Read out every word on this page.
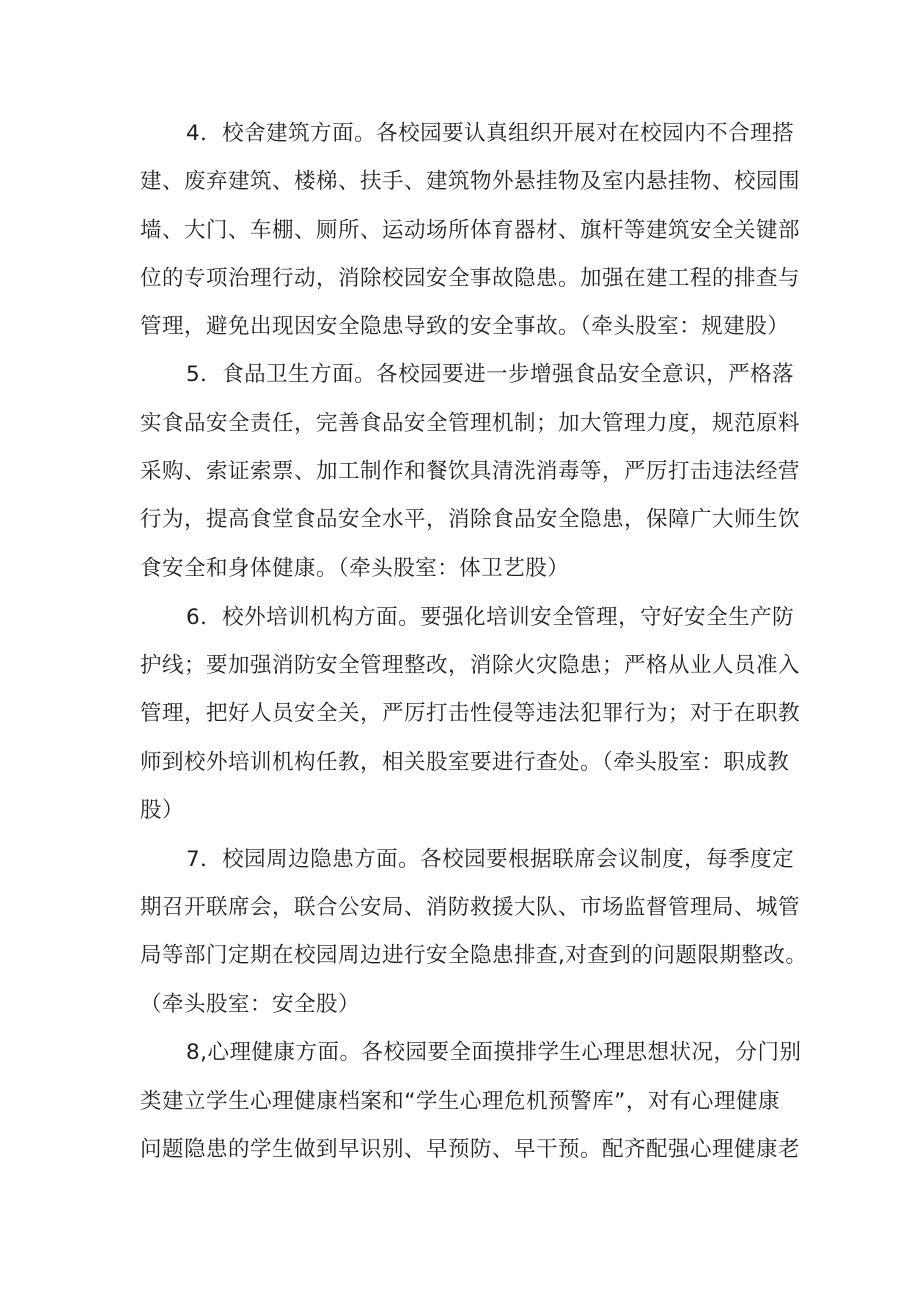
4．校舍建筑方面。各校园要认真组织开展对在校园内不合理搭
建、废弃建筑、楼梯、扶手、建筑物外悬挂物及室内悬挂物、校园围
墙、大门、车棚、厕所、运动场所体育器材、旗杆等建筑安全关键部
位的专项治理行动，消除校园安全事故隐患。加强在建工程的排查与
管理，避免出现因安全隐患导致的安全事故。（牵头股室：规建股）
5．食品卫生方面。各校园要进一步增强食品安全意识，严格落
实食品安全责任，完善食品安全管理机制；加大管理力度，规范原料
采购、索证索票、加工制作和餐饮具清洗消毒等，严厉打击违法经营
行为，提高食堂食品安全水平，消除食品安全隐患，保障广大师生饮
食安全和身体健康。（牵头股室：体卫艺股）
6．校外培训机构方面。要强化培训安全管理，守好安全生产防
护线；要加强消防安全管理整改，消除火灾隐患；严格从业人员准入
管理，把好人员安全关，严厉打击性侵等违法犯罪行为；对于在职教
师到校外培训机构任教，相关股室要进行查处。（牵头股室：职成教
股）
7．校园周边隐患方面。各校园要根据联席会议制度，每季度定
期召开联席会，联合公安局、消防救援大队、市场监督管理局、城管
局等部门定期在校园周边进行安全隐患排查,对查到的问题限期整改。
（牵头股室：安全股）
8,心理健康方面。各校园要全面摸排学生心理思想状况，分门别
类建立学生心理健康档案和“学生心理危机预警库”，对有心理健康
问题隐患的学生做到早识别、早预防、早干预。配齐配强心理健康老
